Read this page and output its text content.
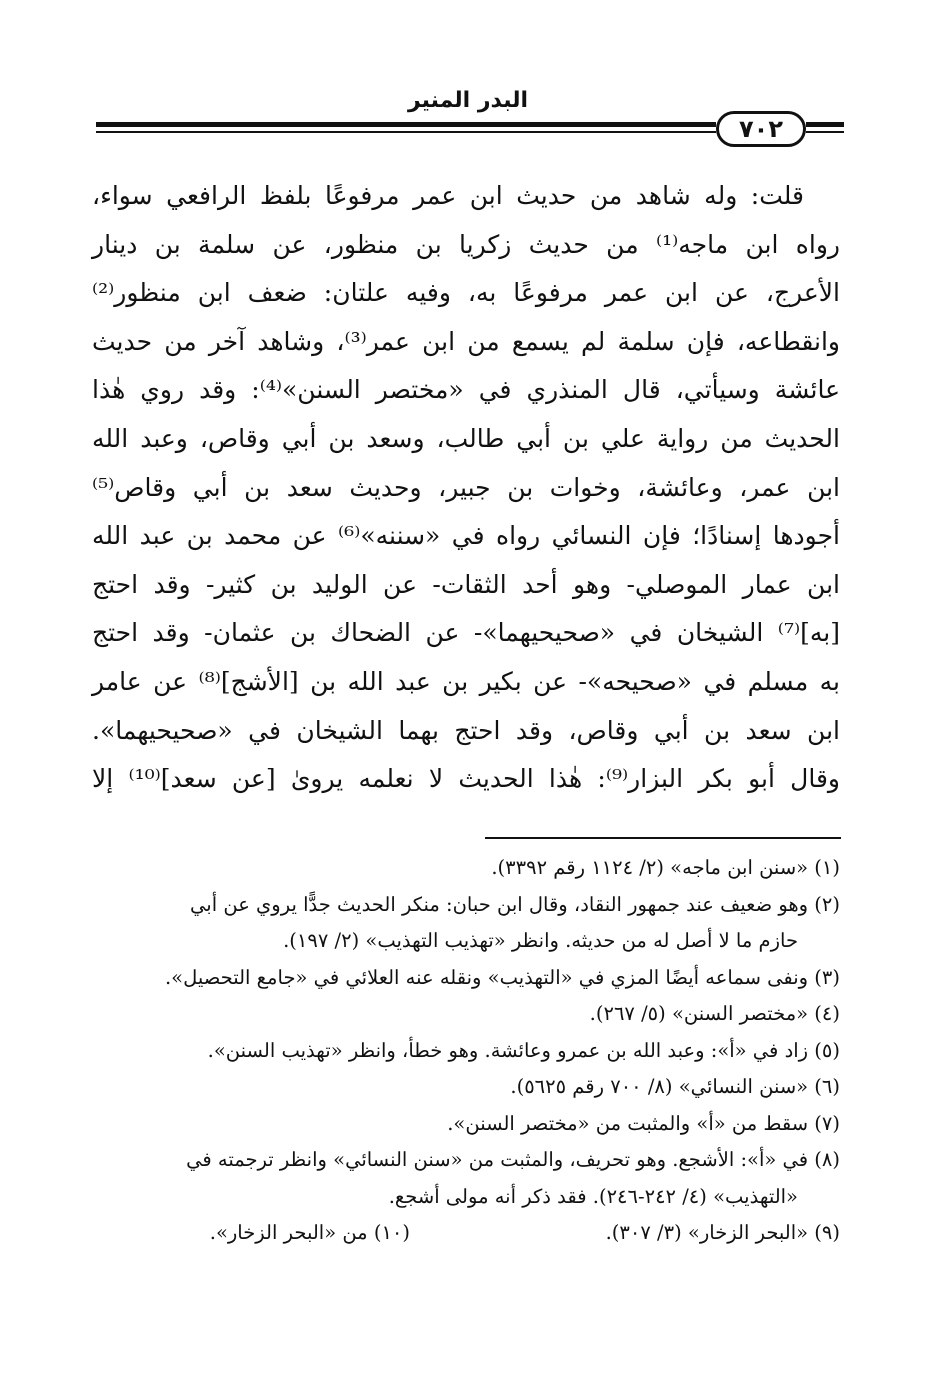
البدر المنير
٧٠٢
قلت: وله شاهد من حديث ابن عمر مرفوعًا بلفظ الرافعي سواء،
رواه ابن ماجه⁽¹⁾ من حديث زكريا بن منظور، عن سلمة بن دينار
الأعرج، عن ابن عمر مرفوعًا به، وفيه علتان: ضعف ابن منظور⁽²⁾
وانقطاعه، فإن سلمة لم يسمع من ابن عمر⁽³⁾، وشاهد آخر من حديث
عائشة وسيأتي، قال المنذري في «مختصر السنن»⁽⁴⁾: وقد روي هٰذا
الحديث من رواية علي بن أبي طالب، وسعد بن أبي وقاص، وعبد الله
ابن عمر، وعائشة، وخوات بن جبير، وحديث سعد بن أبي وقاص⁽⁵⁾
أجودها إسنادًا؛ فإن النسائي رواه في «سننه»⁽⁶⁾ عن محمد بن عبد الله
ابن عمار الموصلي- وهو أحد الثقات- عن الوليد بن كثير- وقد احتج
[به]⁽⁷⁾ الشيخان في «صحيحيهما»- عن الضحاك بن عثمان- وقد احتج
به مسلم في «صحيحه»- عن بكير بن عبد الله بن [الأشج]⁽⁸⁾ عن عامر
ابن سعد بن أبي وقاص، وقد احتج بهما الشيخان في «صحيحيهما».
وقال أبو بكر البزار⁽⁹⁾: هٰذا الحديث لا نعلمه يروىٰ [عن سعد]⁽¹⁰⁾ إلا
(١) «سنن ابن ماجه» (٢/ ١١٢٤ رقم ٣٣٩٢).
(٢) وهو ضعيف عند جمهور النقاد، وقال ابن حبان: منكر الحديث جدًّا يروي عن أبي
حازم ما لا أصل له من حديثه. وانظر «تهذيب التهذيب» (٢/ ١٩٧).
(٣) ونفى سماعه أيضًا المزي في «التهذيب» ونقله عنه العلائي في «جامع التحصيل».
(٤) «مختصر السنن» (٥/ ٢٦٧).
(٥) زاد في «أ»: وعبد الله بن عمرو وعائشة. وهو خطأ، وانظر «تهذيب السنن».
(٦) «سنن النسائي» (٨/ ٧٠٠ رقم ٥٦٢٥).
(٧) سقط من «أ» والمثبت من «مختصر السنن».
(٨) في «أ»: الأشجع. وهو تحريف، والمثبت من «سنن النسائي» وانظر ترجمته في
«التهذيب» (٤/ ٢٤٢-٢٤٦). فقد ذكر أنه مولى أشجع.
(٩) «البحر الزخار» (٣/ ٣٠٧).
(١٠) من «البحر الزخار».
